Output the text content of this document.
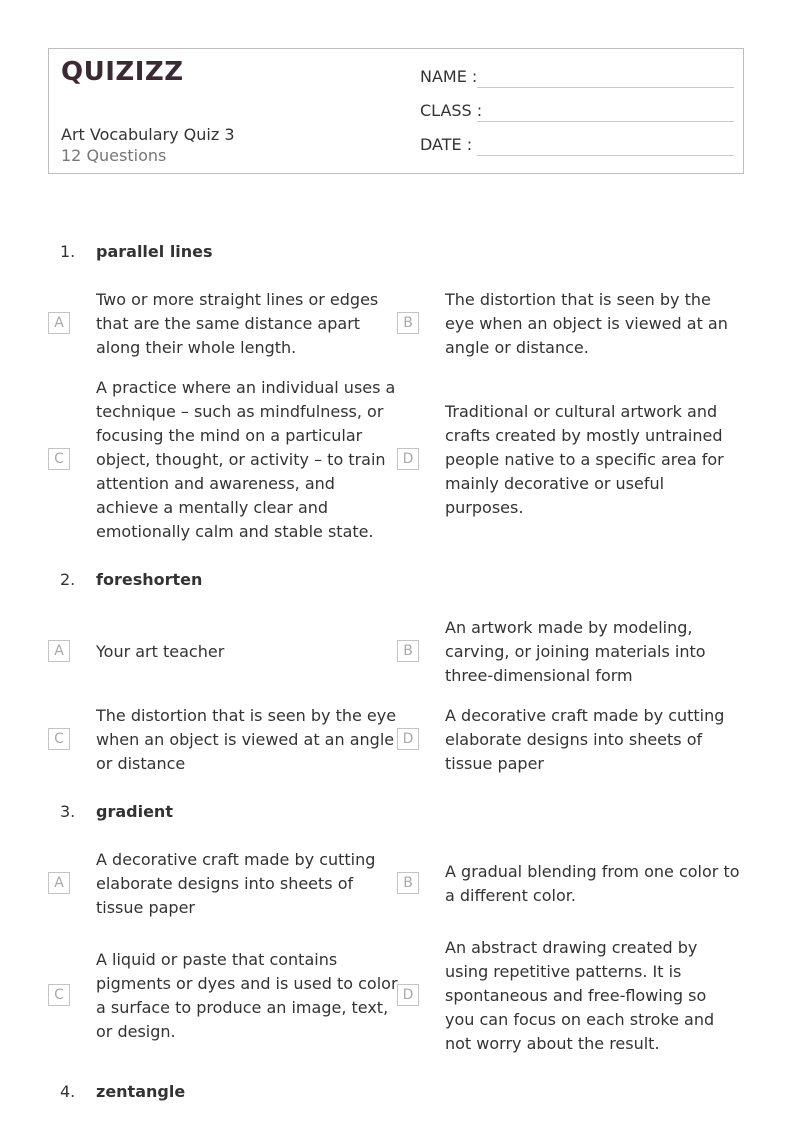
QUIZIZZ
Art Vocabulary Quiz 3
12 Questions
NAME :
CLASS :
DATE :
1. parallel lines
A
Two or more straight lines or edges that are the same distance apart along their whole length.
B
The distortion that is seen by the eye when an object is viewed at an angle or distance.
C
A practice where an individual uses a technique – such as mindfulness, or focusing the mind on a particular object, thought, or activity – to train attention and awareness, and achieve a mentally clear and emotionally calm and stable state.
D
Traditional or cultural artwork and crafts created by mostly untrained people native to a specific area for mainly decorative or useful purposes.
2. foreshorten
A	Your art teacher	B
An artwork made by modeling, carving, or joining materials into three-dimensional form
C
The distortion that is seen by the eye when an object is viewed at an angle or distance
D
A decorative craft made by cutting elaborate designs into sheets of tissue paper
3. gradient
A
A decorative craft made by cutting elaborate designs into sheets of tissue paper
B
A gradual blending from one color to a different color.
C
A liquid or paste that contains pigments or dyes and is used to color a surface to produce an image, text, or design.
D
An abstract drawing created by using repetitive patterns. It is spontaneous and free-flowing so you can focus on each stroke and not worry about the result.
4. zentangle
